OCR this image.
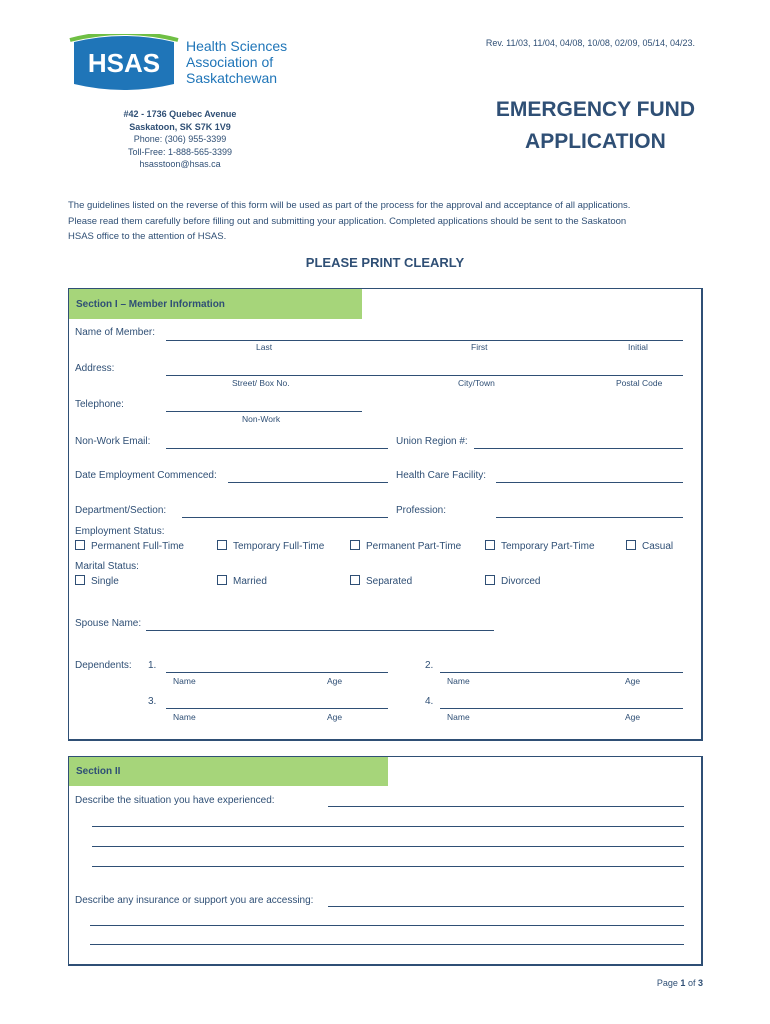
Rev. 11/03, 11/04, 04/08, 10/08, 02/09, 05/14, 04/23.
HSAS
Health Sciences
Association of
Saskatchewan
#42 - 1736 Quebec Avenue
Saskatoon, SK S7K 1V9
Phone: (306) 955-3399
Toll-Free: 1-888-565-3399
hsasstoon@hsas.ca
EMERGENCY FUND
APPLICATION
The guidelines listed on the reverse of this form will be used as part of the process for the approval and acceptance of all applications.
Please read them carefully before filling out and submitting your application. Completed applications should be sent to the Saskatoon
HSAS office to the attention of HSAS.
PLEASE PRINT CLEARLY
Section I – Member Information
Name of Member:
Last	First	Initial
Address:
Street/ Box No.	City/Town	Postal Code
Telephone:
Non-Work
Non-Work Email:	Union Region #:
Date Employment Commenced:	Health Care Facility:
Department/Section:	Profession:
Employment Status:
Permanent Full-Time	Temporary Full-Time	Permanent Part-Time	Temporary Part-Time	Casual
Marital Status:
Single	Married	Separated	Divorced
Spouse Name:
Dependents: 1.
Name	Age
2.
Name	Age
3.
Name	Age
4.
Name	Age
Section II
Describe the situation you have experienced:
Describe any insurance or support you are accessing:
Page 1 of 3
